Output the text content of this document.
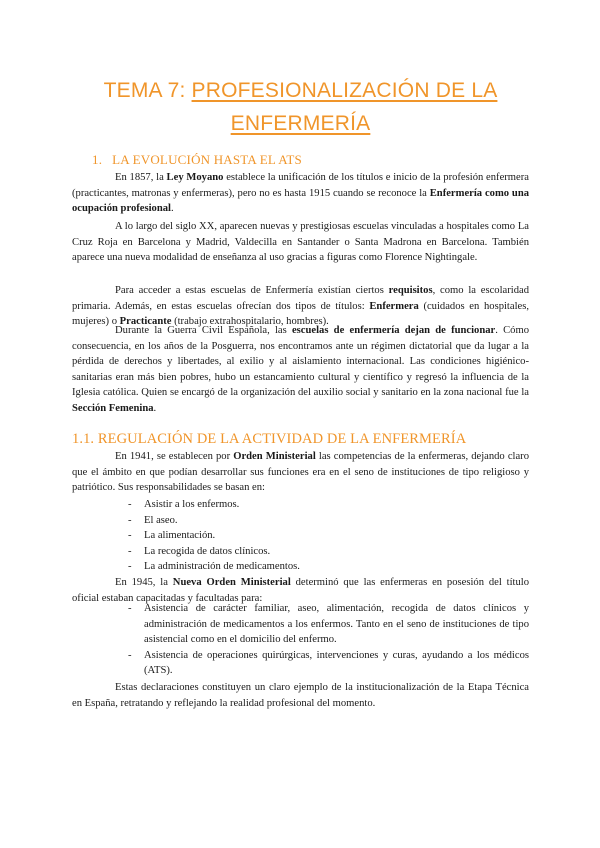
TEMA 7: PROFESIONALIZACIÓN DE LA ENFERMERÍA
1. LA EVOLUCIÓN HASTA EL ATS
En 1857, la Ley Moyano establece la unificación de los títulos e inicio de la profesión enfermera (practicantes, matronas y enfermeras), pero no es hasta 1915 cuando se reconoce la Enfermería como una ocupación profesional.
A lo largo del siglo XX, aparecen nuevas y prestigiosas escuelas vinculadas a hospitales como La Cruz Roja en Barcelona y Madrid, Valdecilla en Santander o Santa Madrona en Barcelona. También aparece una nueva modalidad de enseñanza al uso gracias a figuras como Florence Nightingale.
Para acceder a estas escuelas de Enfermería existían ciertos requisitos, como la escolaridad primaria. Además, en estas escuelas ofrecían dos tipos de títulos: Enfermera (cuidados en hospitales, mujeres) o Practicante (trabajo extrahospitalario, hombres).
Durante la Guerra Civil Española, las escuelas de enfermería dejan de funcionar. Cómo consecuencia, en los años de la Posguerra, nos encontramos ante un régimen dictatorial que da lugar a la pérdida de derechos y libertades, al exilio y al aislamiento internacional. Las condiciones higiénico-sanitarias eran más bien pobres, hubo un estancamiento cultural y científico y regresó la influencia de la Iglesia católica. Quien se encargó de la organización del auxilio social y sanitario en la zona nacional fue la Sección Femenina.
1.1. REGULACIÓN DE LA ACTIVIDAD DE LA ENFERMERÍA
En 1941, se establecen por Orden Ministerial las competencias de la enfermeras, dejando claro que el ámbito en que podían desarrollar sus funciones era en el seno de instituciones de tipo religioso y patriótico. Sus responsabilidades se basan en:
- Asistir a los enfermos.
- El aseo.
- La alimentación.
- La recogida de datos clínicos.
- La administración de medicamentos.
En 1945, la Nueva Orden Ministerial determinó que las enfermeras en posesión del título oficial estaban capacitadas y facultadas para:
- Asistencia de carácter familiar, aseo, alimentación, recogida de datos clínicos y administración de medicamentos a los enfermos. Tanto en el seno de instituciones de tipo asistencial como en el domicilio del enfermo.
- Asistencia de operaciones quirúrgicas, intervenciones y curas, ayudando a los médicos (ATS).
Estas declaraciones constituyen un claro ejemplo de la institucionalización de la Etapa Técnica en España, retratando y reflejando la realidad profesional del momento.
